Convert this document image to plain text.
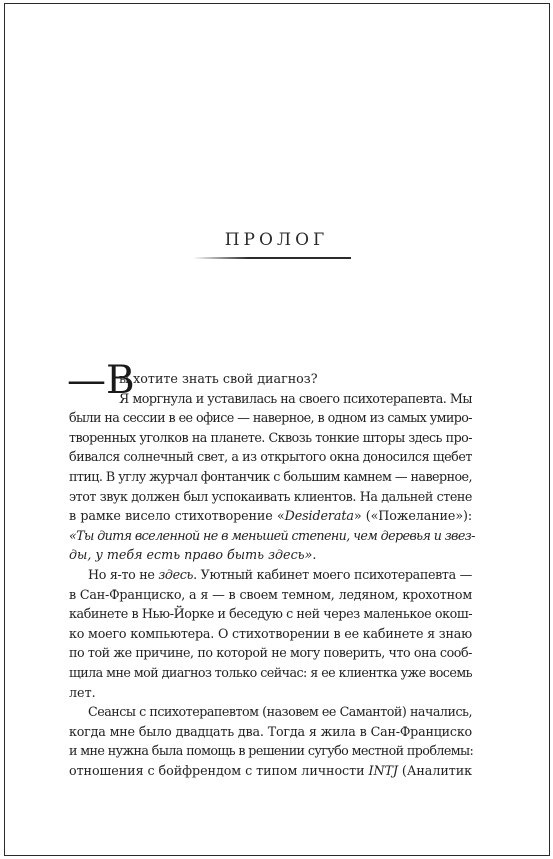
ПРОЛОГ
—В
ы хотите знать свой диагноз?
Я моргнула и уставилась на своего психотерапевта. Мы
были на сессии в ее офисе — наверное, в одном из самых умиро-
творенных уголков на планете. Сквозь тонкие шторы здесь про-
бивался солнечный свет, а из открытого окна доносился щебет
птиц. В углу журчал фонтанчик с большим камнем — наверное,
этот звук должен был успокаивать клиентов. На дальней стене
в рамке висело стихотворение «Desiderata» («Пожелание»):
«Ты дитя вселенной не в меньшей степени, чем деревья и звез-
ды, у тебя есть право быть здесь».
Но я-то не здесь. Уютный кабинет моего психотерапевта —
в Сан-Франциско, а я — в своем темном, ледяном, крохотном
кабинете в Нью-Йорке и беседую с ней через маленькое окош-
ко моего компьютера. О стихотворении в ее кабинете я знаю
по той же причине, по которой не могу поверить, что она сооб-
щила мне мой диагноз только сейчас: я ее клиентка уже восемь
лет.
Сеансы с психотерапевтом (назовем ее Самантой) начались,
когда мне было двадцать два. Тогда я жила в Сан-Франциско
и мне нужна была помощь в решении сугубо местной проблемы:
отношения с бойфрендом с типом личности INTJ (Аналитик
